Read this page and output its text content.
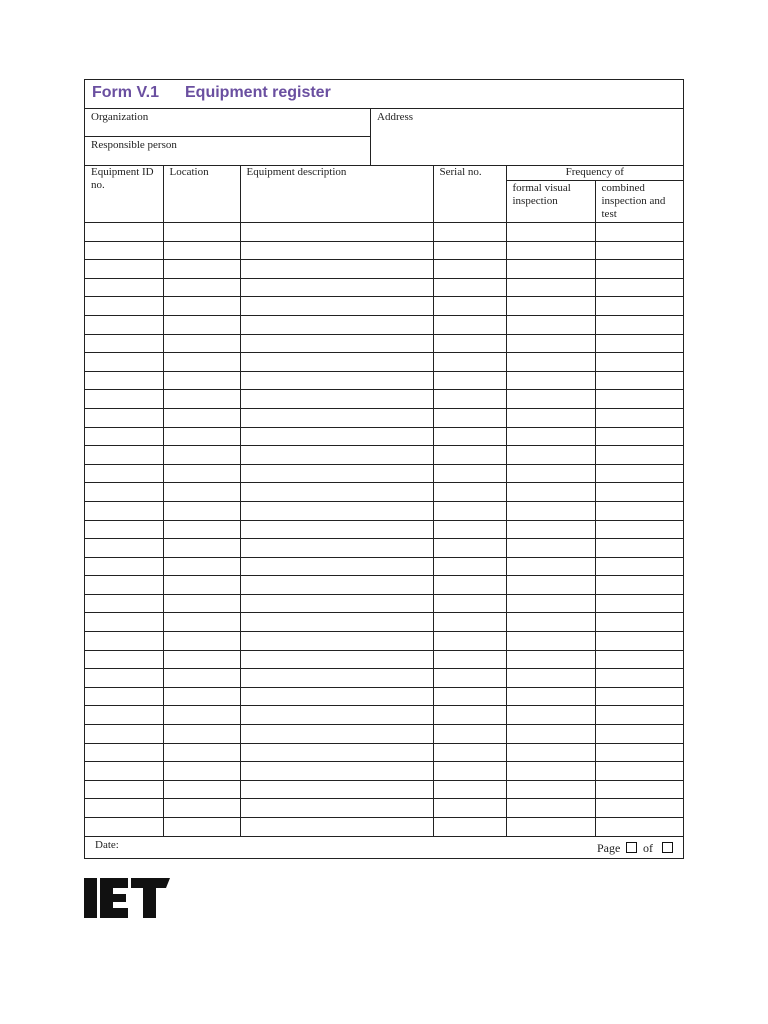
Form V.1 Equipment register
Organization
Responsible person
Address
Equipment ID no.	Location	Equipment description	Serial no.	Frequency of	
				formal visual inspection	combined inspection and test

Date:	Page of
